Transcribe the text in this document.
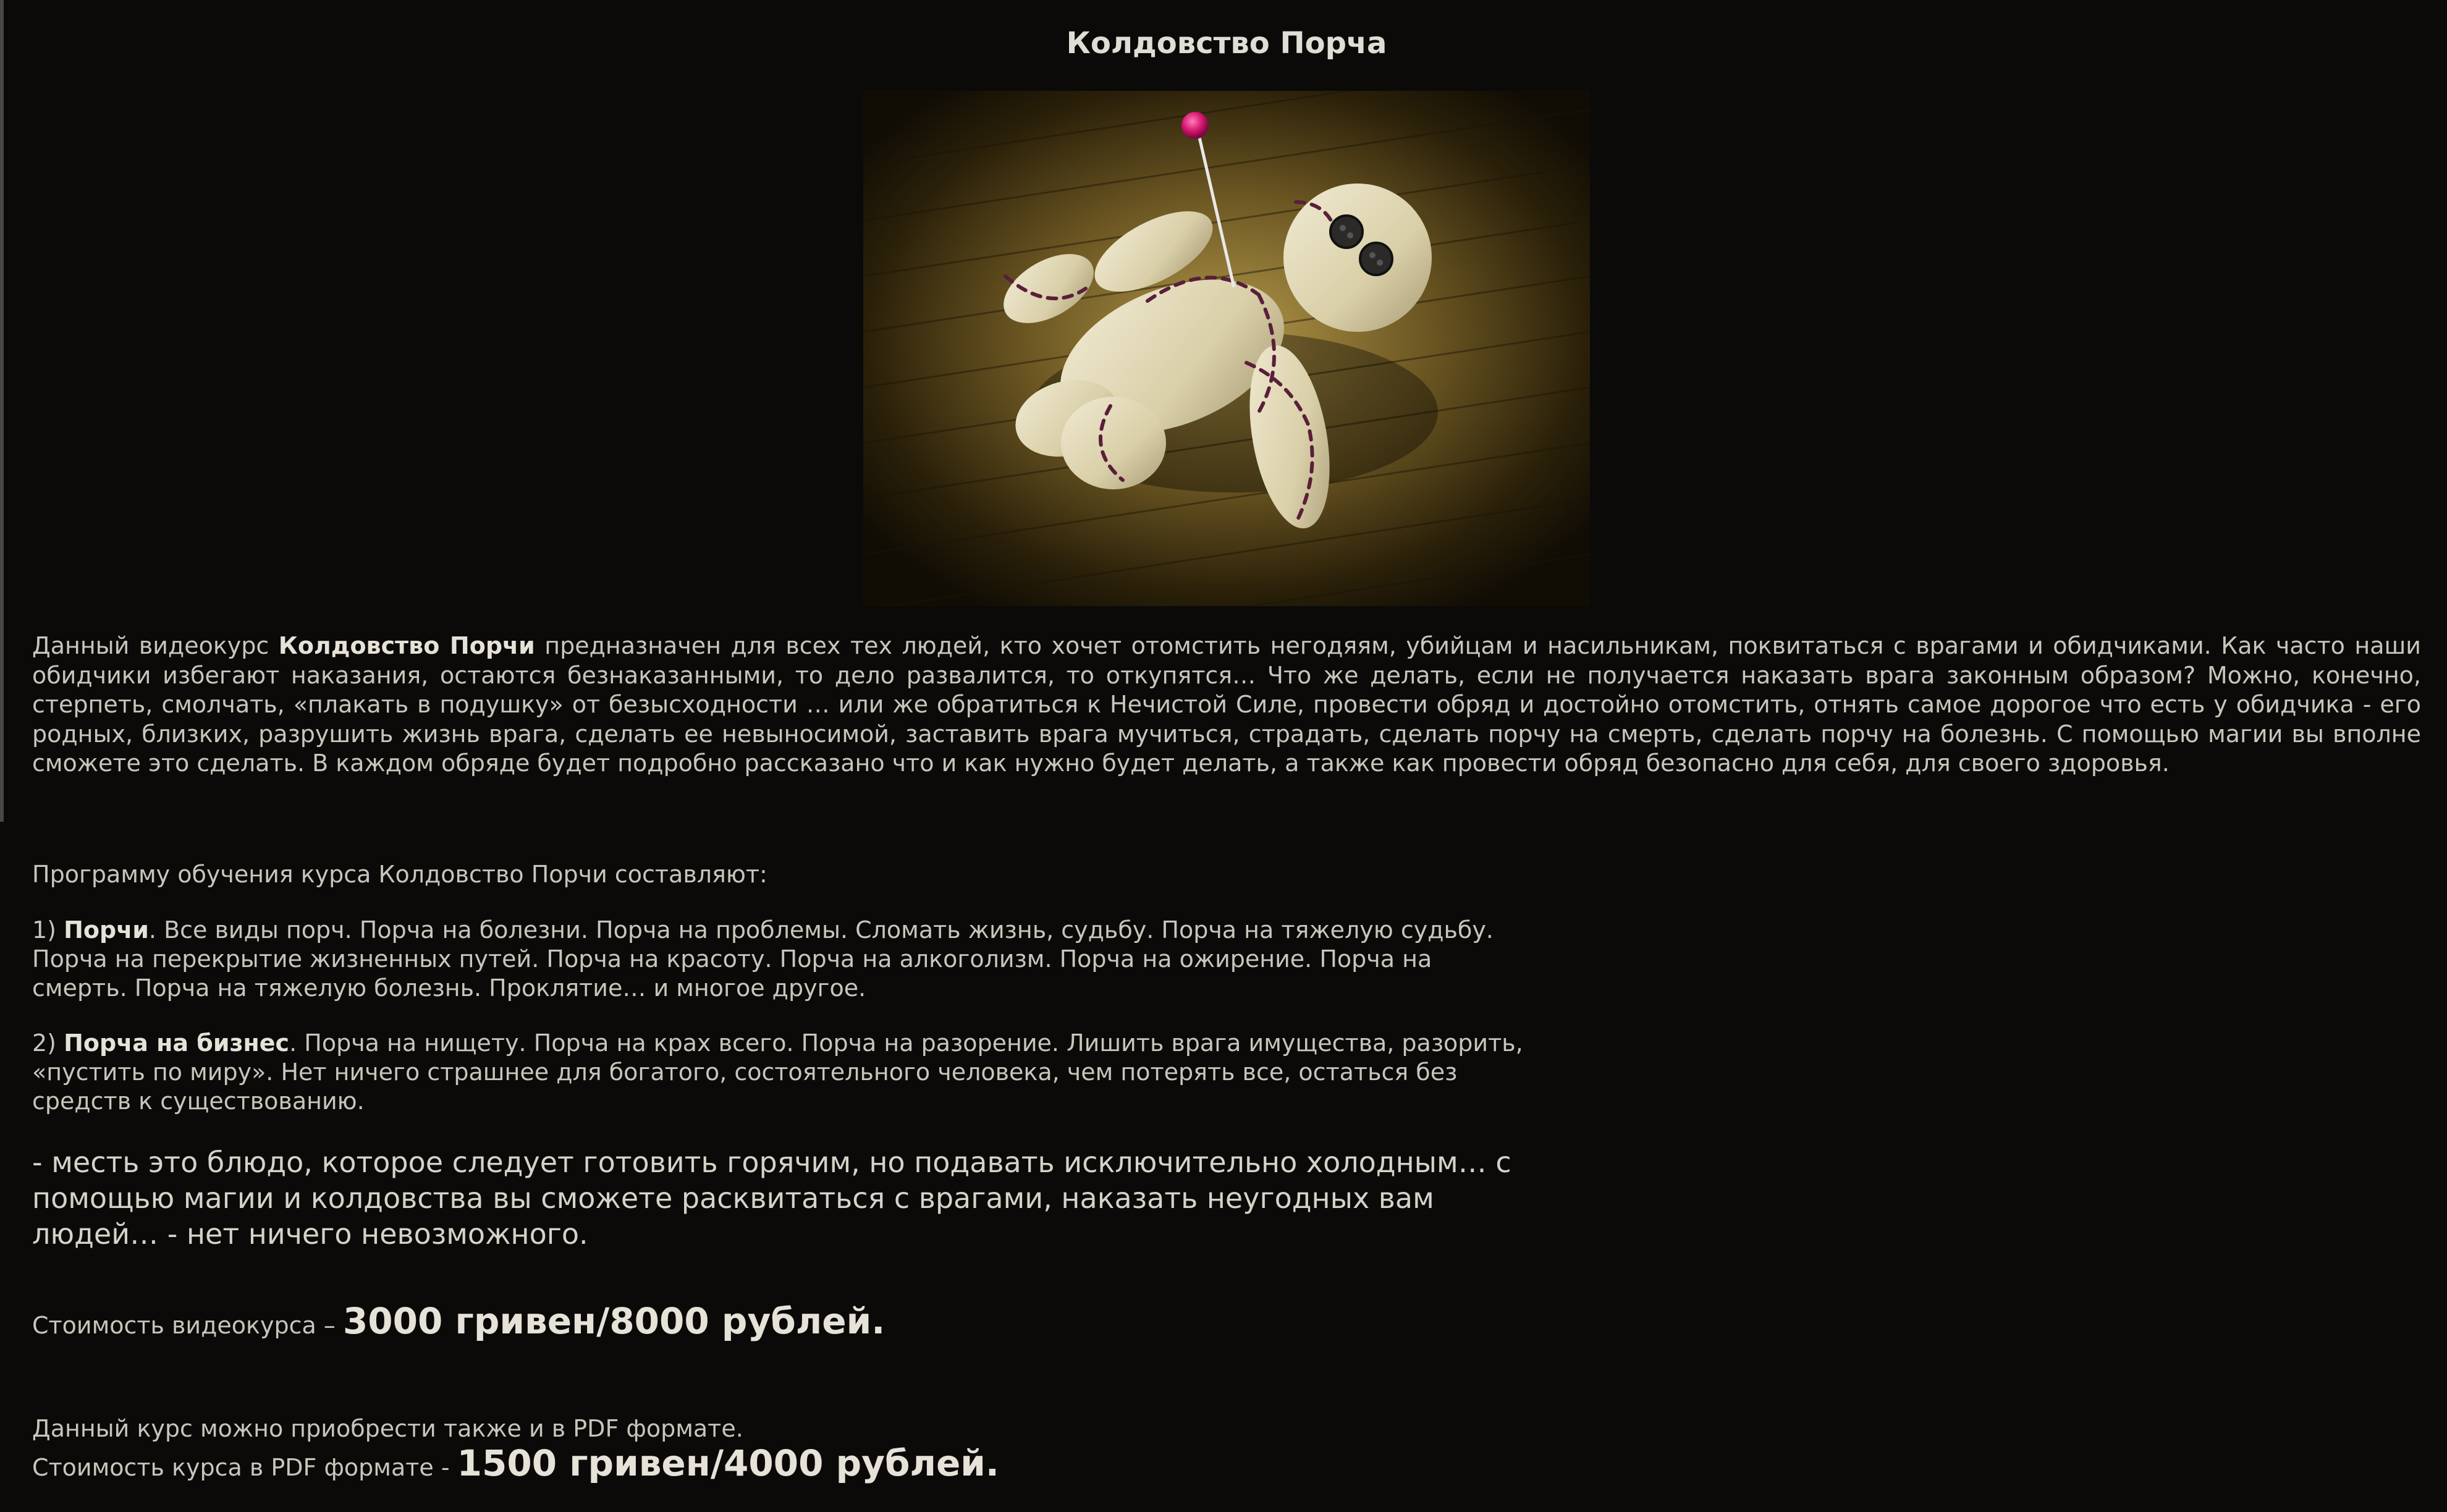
Колдовство Порча

Данный видеокурс Колдовство Порчи предназначен для всех тех людей, кто хочет отомстить негодяям, убийцам и насильникам, поквитаться с врагами и обидчиками. Как часто наши обидчики избегают наказания, остаются безнаказанными, то дело развалится, то откупятся… Что же делать, если не получается наказать врага законным образом? Можно, конечно, стерпеть, смолчать, «плакать в подушку» от безысходности … или же обратиться к Нечистой Силе, провести обряд и достойно отомстить, отнять самое дорогое что есть у обидчика - его родных, близких, разрушить жизнь врага, сделать ее невыносимой, заставить врага мучиться, страдать, сделать порчу на смерть, сделать порчу на болезнь. С помощью магии вы вполне сможете это сделать. В каждом обряде будет подробно рассказано что и как нужно будет делать, а также как провести обряд безопасно для себя, для своего здоровья.

Программу обучения курса Колдовство Порчи составляют:

1) Порчи. Все виды порч. Порча на болезни. Порча на проблемы. Сломать жизнь, судьбу. Порча на тяжелую судьбу. Порча на перекрытие жизненных путей. Порча на красоту. Порча на алкоголизм. Порча на ожирение. Порча на смерть. Порча на тяжелую болезнь. Проклятие… и многое другое.

2) Порча на бизнес. Порча на нищету. Порча на крах всего. Порча на разорение. Лишить врага имущества, разорить, «пустить по миру». Нет ничего страшнее для богатого, состоятельного человека, чем потерять все, остаться без средств к существованию.

- месть это блюдо, которое следует готовить горячим, но подавать исключительно холодным… с помощью магии и колдовства вы сможете расквитаться с врагами, наказать неугодных вам людей… - нет ничего невозможного.

Стоимость видеокурса – 3000 гривен/8000 рублей.

Данный курс можно приобрести также и в PDF формате.

Стоимость курса в PDF формате - 1500 гривен/4000 рублей.
